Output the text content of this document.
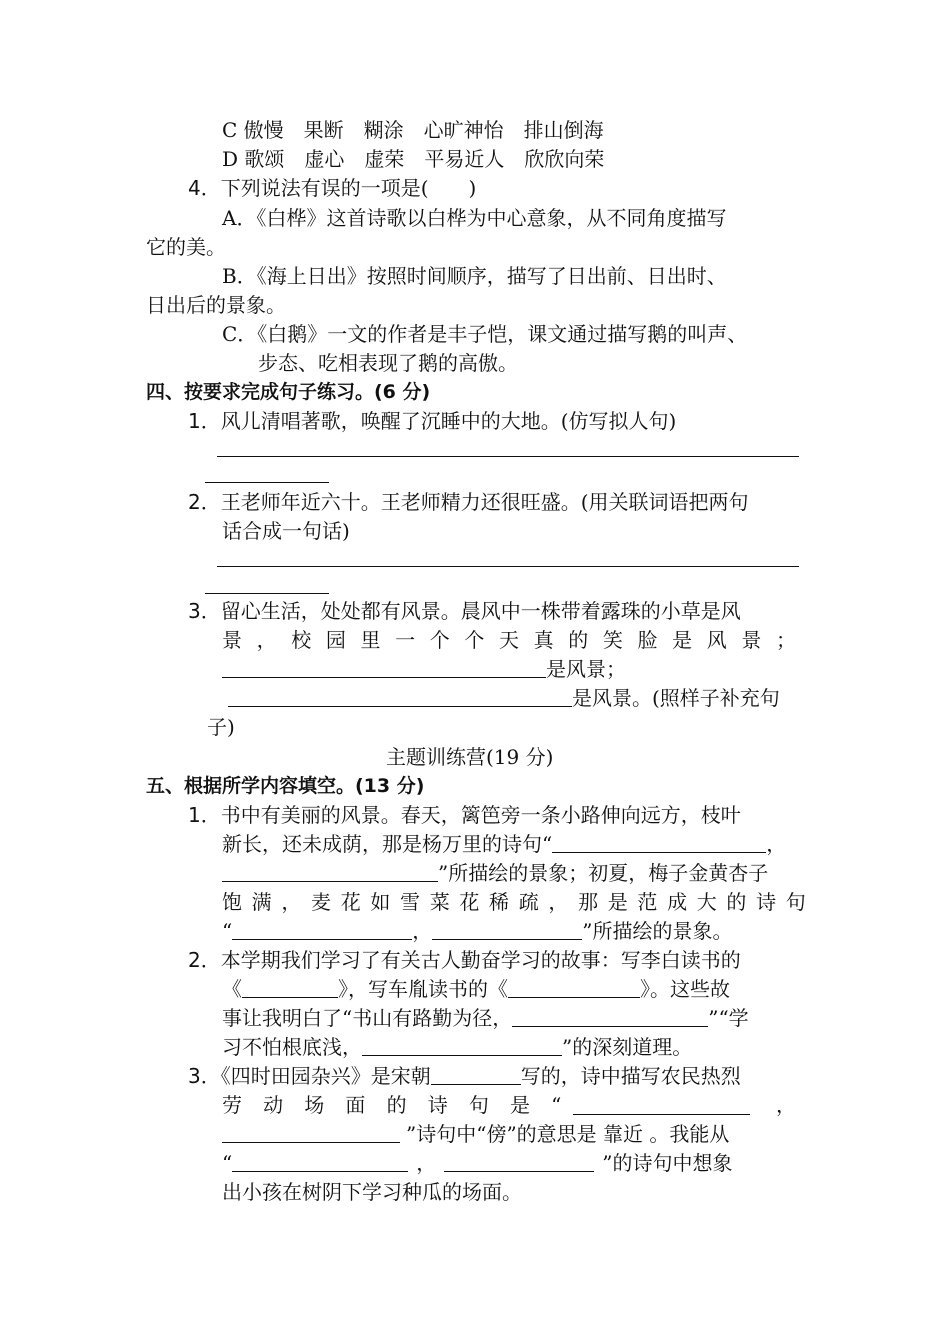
C 傲慢　果断　糊涂　心旷神怡　排山倒海
D 歌颂　虚心　虚荣　平易近人　欣欣向荣
4．下列说法有误的一项是(　　)
A．《白桦》这首诗歌以白桦为中心意象，从不同角度描写
它的美。
B．《海上日出》按照时间顺序，描写了日出前、日出时、
日出后的景象。
C．《白鹅》一文的作者是丰子恺，课文通过描写鹅的叫声、
步态、吃相表现了鹅的高傲。
四、按要求完成句子练习。(6 分)
1．风儿清唱著歌，唤醒了沉睡中的大地。(仿写拟人句)
2．王老师年近六十。王老师精力还很旺盛。(用关联词语把两句
话合成一句话)
3．留心生活，处处都有风景。晨风中一株带着露珠的小草是风
景 ， 校 园 里 一 个 个 天 真 的 笑 脸 是 风 景 ；
是风景；
是风景。(照样子补充句
子)
主题训练营(19 分)
五、根据所学内容填空。(13 分)
1．书中有美丽的风景。春天，篱笆旁一条小路伸向远方，枝叶
新长，还未成荫，那是杨万里的诗句“	，
”所描绘的景象；初夏，梅子金黄杏子
饱 满 ， 麦 花 如 雪 菜 花 稀 疏 ， 那 是 范 成 大 的 诗 句
“	，	”所描绘的景象。
2．本学期我们学习了有关古人勤奋学习的故事：写李白读书的
《	》，写车胤读书的《	》。这些故
事让我明白了“书山有路勤为径，	”“学
习不怕根底浅，	”的深刻道理。
3．《四时田园杂兴》是宋朝	写的，诗中描写农民热烈
劳 动 场 面 的 诗 句 是 “	，
”诗句中“傍”的意思是 靠近 。我能从
“	，	”的诗句中想象
出小孩在树阴下学习种瓜的场面。
